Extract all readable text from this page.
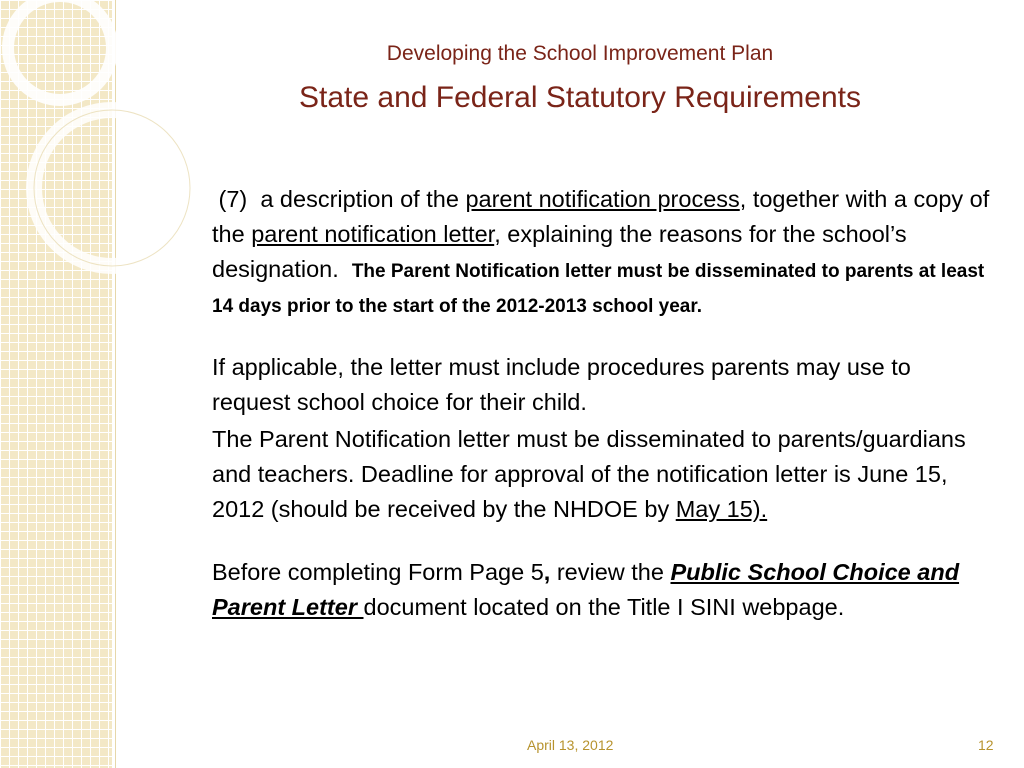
Developing the School Improvement Plan
State and Federal Statutory Requirements

(7) a description of the parent notification process, together with a copy of the parent notification letter, explaining the reasons for the school’s designation. The Parent Notification letter must be disseminated to parents at least 14 days prior to the start of the 2012-2013 school year.

If applicable, the letter must include procedures parents may use to request school choice for their child.

The Parent Notification letter must be disseminated to parents/guardians and teachers. Deadline for approval of the notification letter is June 15, 2012 (should be received by the NHDOE by May 15).

Before completing Form Page 5, review the Public School Choice and Parent Letter document located on the Title I SINI webpage.

April 13, 2012	12
